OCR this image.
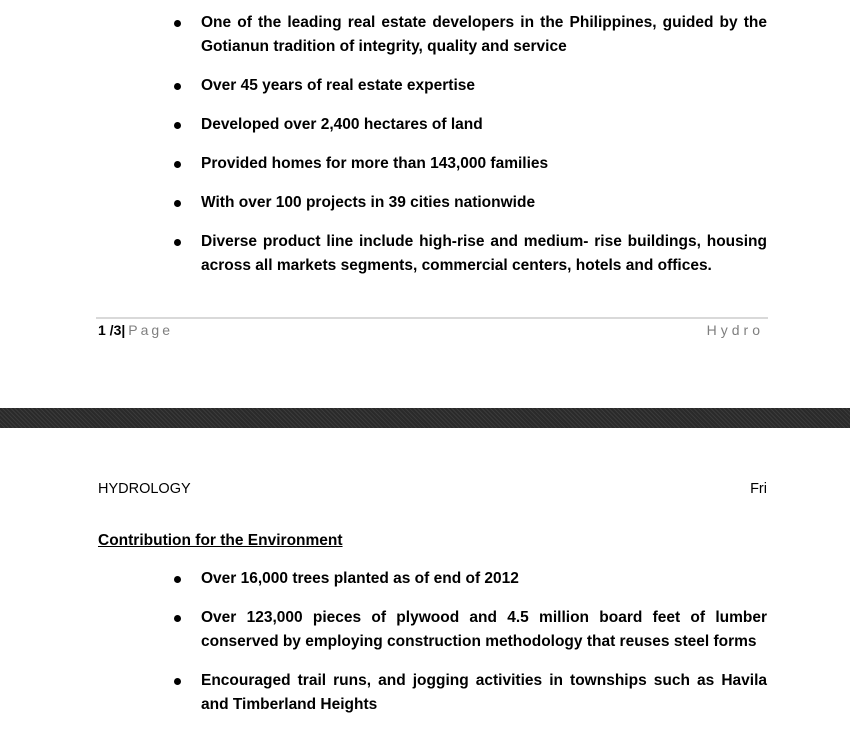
One of the leading real estate developers in the Philippines, guided by the Gotianun tradition of integrity, quality and service
Over 45 years of real estate expertise
Developed over 2,400 hectares of land
Provided homes for more than 143,000 families
With over 100 projects in 39 cities nationwide
Diverse product line include high-rise and medium- rise buildings, housing across all markets segments, commercial centers, hotels and offices.
1 /3| Page	Hydro
HYDROLOGY	Fri
Contribution for the Environment
Over 16,000 trees planted as of end of 2012
Over 123,000 pieces of plywood and 4.5 million board feet of lumber conserved by employing construction methodology that reuses steel forms
Encouraged trail runs, and jogging activities in townships such as Havila and Timberland Heights
